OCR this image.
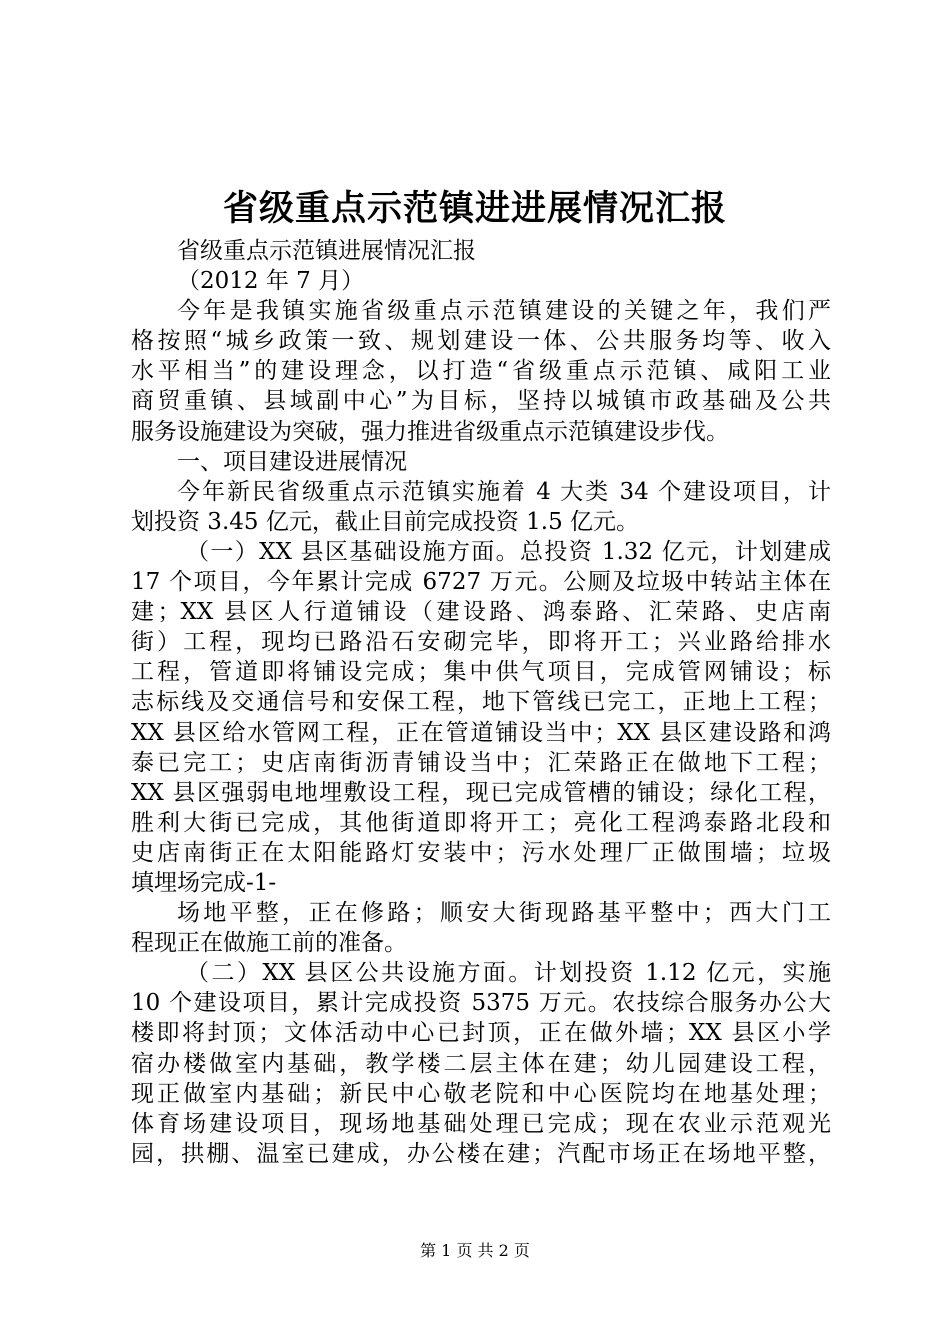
省级重点示范镇进进展情况汇报
省级重点示范镇进展情况汇报
（2012 年 7 月）
今年是我镇实施省级重点示范镇建设的关键之年，我们严
格按照“城乡政策一致、规划建设一体、公共服务均等、收入
水平相当”的建设理念，以打造“省级重点示范镇、咸阳工业
商贸重镇、县域副中心”为目标，坚持以城镇市政基础及公共
服务设施建设为突破，强力推进省级重点示范镇建设步伐。
一、项目建设进展情况
今年新民省级重点示范镇实施着 4 大类 34 个建设项目，计
划投资 3.45 亿元，截止目前完成投资 1.5 亿元。
（一）XX 县区基础设施方面。总投资 1.32 亿元，计划建成
17 个项目，今年累计完成 6727 万元。公厕及垃圾中转站主体在
建；XX 县区人行道铺设（建设路、鸿泰路、汇荣路、史店南
街）工程，现均已路沿石安砌完毕，即将开工；兴业路给排水
工程，管道即将铺设完成；集中供气项目，完成管网铺设；标
志标线及交通信号和安保工程，地下管线已完工，正地上工程；
XX 县区给水管网工程，正在管道铺设当中；XX 县区建设路和鸿
泰已完工；史店南街沥青铺设当中；汇荣路正在做地下工程；
XX 县区强弱电地埋敷设工程，现已完成管槽的铺设；绿化工程，
胜利大街已完成，其他街道即将开工；亮化工程鸿泰路北段和
史店南街正在太阳能路灯安装中；污水处理厂正做围墙；垃圾
填埋场完成-1-
场地平整，正在修路；顺安大街现路基平整中；西大门工
程现正在做施工前的准备。
（二）XX 县区公共设施方面。计划投资 1.12 亿元，实施
10 个建设项目，累计完成投资 5375 万元。农技综合服务办公大
楼即将封顶；文体活动中心已封顶，正在做外墙；XX 县区小学
宿办楼做室内基础，教学楼二层主体在建；幼儿园建设工程，
现正做室内基础；新民中心敬老院和中心医院均在地基处理；
体育场建设项目，现场地基础处理已完成；现在农业示范观光
园，拱棚、温室已建成，办公楼在建；汽配市场正在场地平整，
第 1 页 共 2 页
